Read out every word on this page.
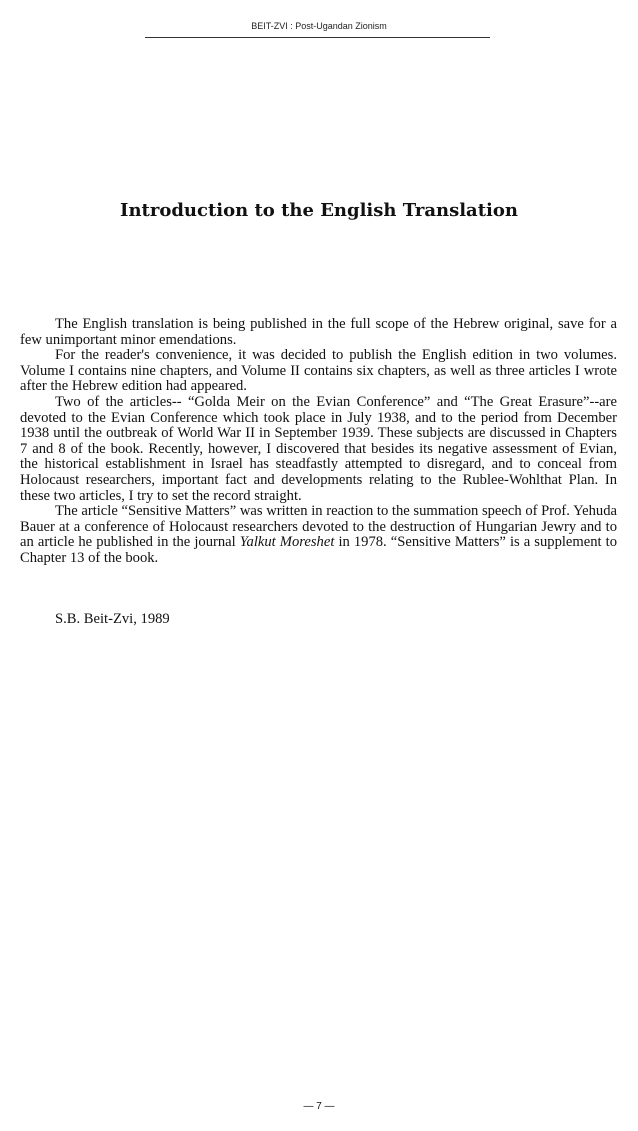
BEIT-ZVI : Post-Ugandan Zionism
Introduction to the English Translation

The English translation is being published in the full scope of the Hebrew original, save for a few unimportant minor emendations.

For the reader's convenience, it was decided to publish the English edition in two volumes. Volume I contains nine chapters, and Volume II contains six chapters, as well as three articles I wrote after the Hebrew edition had appeared.

Two of the articles-- “Golda Meir on the Evian Conference” and “The Great Erasure”--are devoted to the Evian Conference which took place in July 1938, and to the period from December 1938 until the outbreak of World War II in September 1939. These subjects are discussed in Chapters 7 and 8 of the book. Recently, however, I discovered that besides its negative assessment of Evian, the historical establishment in Israel has steadfastly attempted to disregard, and to conceal from Holocaust researchers, important fact and developments relating to the Rublee-Wohlthat Plan. In these two articles, I try to set the record straight.

The article “Sensitive Matters” was written in reaction to the summation speech of Prof. Yehuda Bauer at a conference of Holocaust researchers devoted to the destruction of Hungarian Jewry and to an article he published in the journal Yalkut Moreshet in 1978. “Sensitive Matters” is a supplement to Chapter 13 of the book.

S.B. Beit-Zvi, 1989
— 7 —
